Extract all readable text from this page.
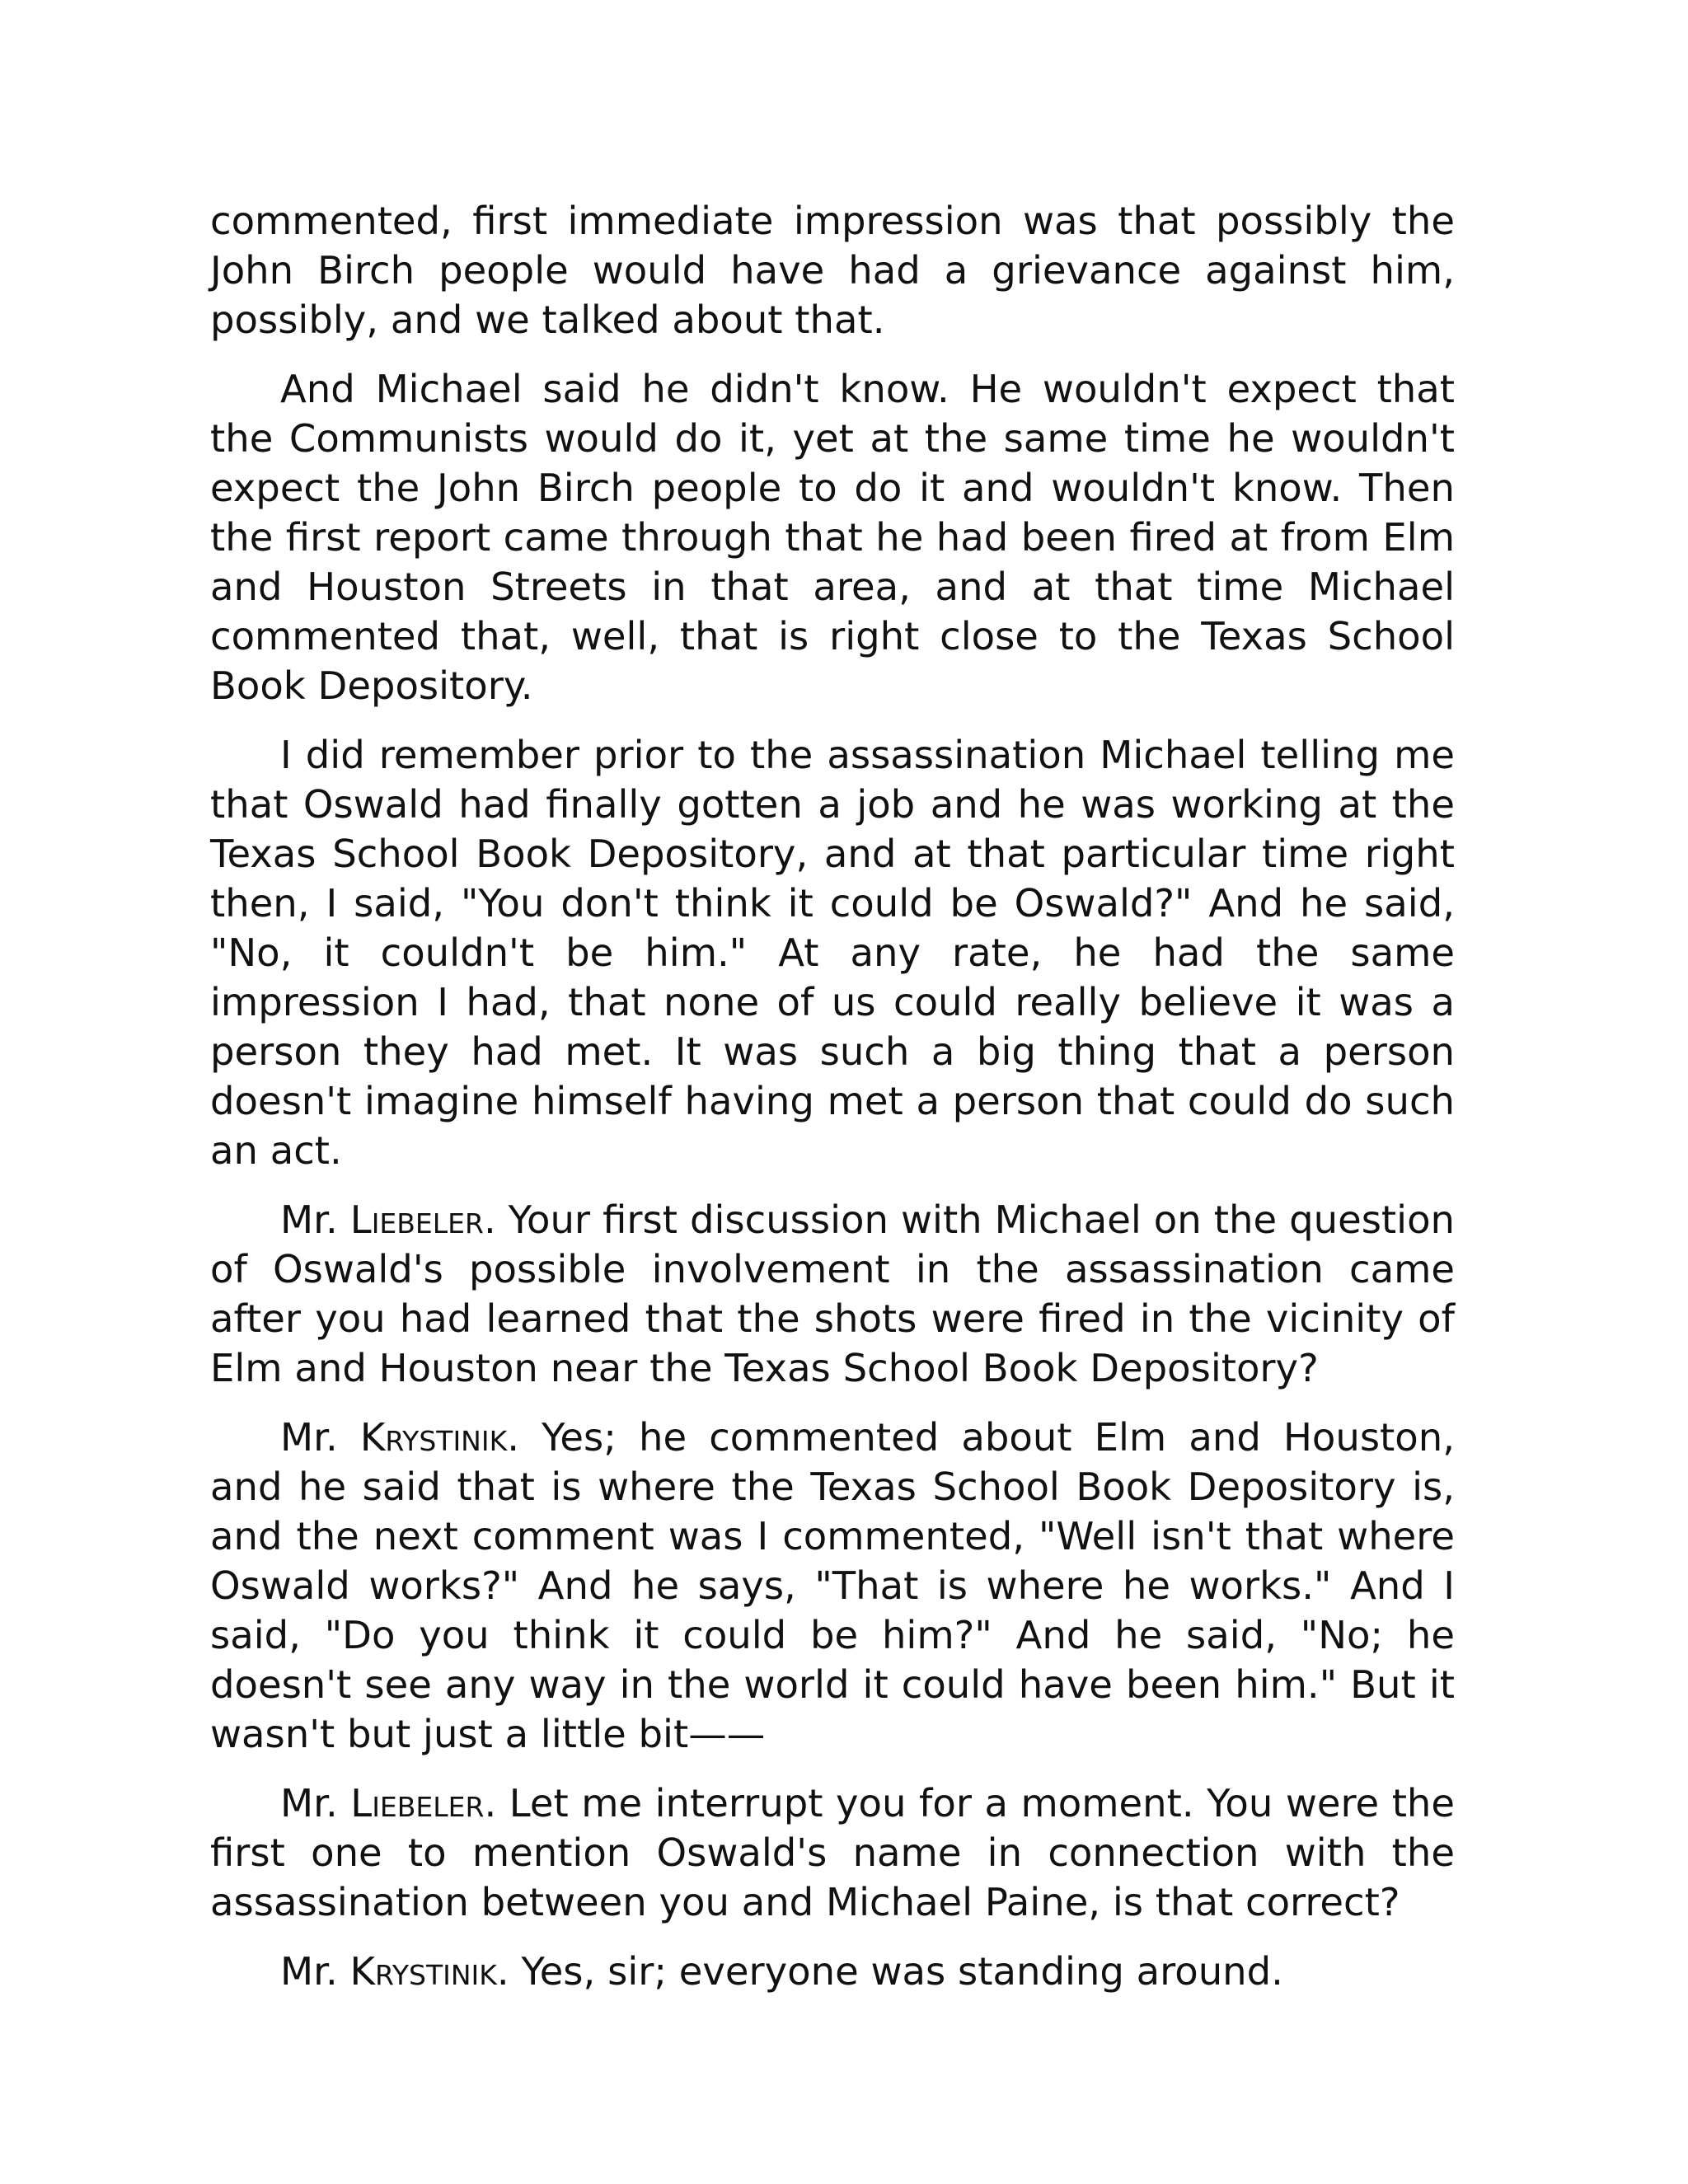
commented, first immediate impression was that possibly the John Birch people would have had a grievance against him, possibly, and we talked about that.

And Michael said he didn't know. He wouldn't expect that the Communists would do it, yet at the same time he wouldn't expect the John Birch people to do it and wouldn't know. Then the first report came through that he had been fired at from Elm and Houston Streets in that area, and at that time Michael commented that, well, that is right close to the Texas School Book Depository.

I did remember prior to the assassination Michael telling me that Oswald had finally gotten a job and he was working at the Texas School Book Depository, and at that particular time right then, I said, "You don't think it could be Oswald?" And he said, "No, it couldn't be him." At any rate, he had the same impression I had, that none of us could really believe it was a person they had met. It was such a big thing that a person doesn't imagine himself having met a person that could do such an act.

Mr. Liebeler. Your first discussion with Michael on the question of Oswald's possible involvement in the assassination came after you had learned that the shots were fired in the vicinity of Elm and Houston near the Texas School Book Depository?

Mr. Krystinik. Yes; he commented about Elm and Houston, and he said that is where the Texas School Book Depository is, and the next comment was I commented, "Well isn't that where Oswald works?" And he says, "That is where he works." And I said, "Do you think it could be him?" And he said, "No; he doesn't see any way in the world it could have been him." But it wasn't but just a little bit——

Mr. Liebeler. Let me interrupt you for a moment. You were the first one to mention Oswald's name in connection with the assassination between you and Michael Paine, is that correct?

Mr. Krystinik. Yes, sir; everyone was standing around.
